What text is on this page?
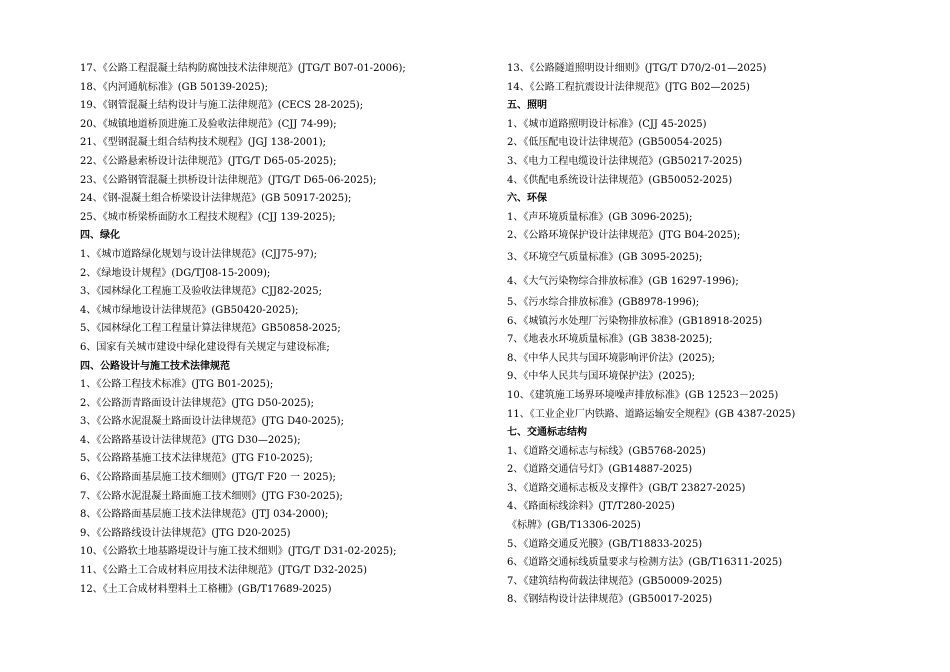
17、《公路工程混凝土结构防腐蚀技术法律规范》(JTG/T B07-01-2006);
18、《内河通航标准》(GB 50139-2025);
19、《钢管混凝土结构设计与施工法律规范》(CECS 28-2025);
20、《城镇地道桥顶进施工及验收法律规范》(CJJ 74-99);
21、《型钢混凝土组合结构技术规程》(JGJ 138-2001);
22、《公路悬索桥设计法律规范》(JTG/T D65-05-2025);
23、《公路钢管混凝土拱桥设计法律规范》(JTG/T D65-06-2025);
24、《钢-混凝土组合桥梁设计法律规范》(GB 50917-2025);
25、《城市桥梁桥面防水工程技术规程》(CJJ 139-2025);
四、绿化
1、《城市道路绿化规划与设计法律规范》(CJJ75-97);
2、《绿地设计规程》(DG/TJ08-15-2009);
3、《园林绿化工程施工及验收法律规范》CJJ82-2025;
4、《城市绿地设计法律规范》(GB50420-2025);
5、《园林绿化工程工程量计算法律规范》GB50858-2025;
6、国家有关城市建设中绿化建设得有关规定与建设标准;
四、公路设计与施工技术法律规范
1、《公路工程技术标准》(JTG B01-2025);
2、《公路沥青路面设计法律规范》(JTG D50-2025);
3、《公路水泥混凝土路面设计法律规范》(JTG D40-2025);
4、《公路路基设计法律规范》(JTG D30—2025);
5、《公路路基施工技术法律规范》(JTG F10-2025);
6、《公路路面基层施工技术细则》(JTG/T F20 一 2025);
7、《公路水泥混凝土路面施工技术细则》(JTG F30-2025);
8、《公路路面基层施工技术法律规范》(JTJ 034-2000);
9、《公路路线设计法律规范》(JTG D20-2025)
10、《公路软土地基路堤设计与施工技术细则》(JTG/T D31-02-2025);
11、《公路土工合成材料应用技术法律规范》(JTG/T D32-2025)
12、《土工合成材料塑料土工格栅》(GB/T17689-2025)
13、《公路隧道照明设计细则》(JTG/T D70/2-01—2025)
14、《公路工程抗震设计法律规范》(JTG B02—2025)
五、照明
1、《城市道路照明设计标准》(CJJ 45-2025)
2、《低压配电设计法律规范》(GB50054-2025)
3、《电力工程电缆设计法律规范》(GB50217-2025)
4、《供配电系统设计法律规范》(GB50052-2025)
六、环保
1、《声环境质量标准》(GB 3096-2025);
2、《公路环境保护设计法律规范》(JTG B04-2025);
3、《环境空气质量标准》(GB 3095-2025);
4、《大气污染物综合排放标准》(GB 16297-1996);
5、《污水综合排放标准》(GB8978-1996);
6、《城镇污水处理厂污染物排放标准》(GB18918-2025)
7、《地表水环境质量标准》(GB 3838-2025);
8、《中华人民共与国环境影响评价法》(2025);
9、《中华人民共与国环境保护法》(2025);
10、《建筑施工场界环境噪声排放标准》(GB 12523－2025)
11、《工业企业厂内铁路、道路运输安全规程》(GB 4387-2025)
七、交通标志结构
1、《道路交通标志与标线》(GB5768-2025)
2、《道路交通信号灯》(GB14887-2025)
3、《道路交通标志板及支撑件》(GB/T 23827-2025)
4、《路面标线涂料》(JT/T280-2025)
《标牌》(GB/T13306-2025)
5、《道路交通反光膜》(GB/T18833-2025)
6、《道路交通标线质量要求与检测方法》(GB/T16311-2025)
7、《建筑结构荷载法律规范》(GB50009-2025)
8、《钢结构设计法律规范》(GB50017-2025)
